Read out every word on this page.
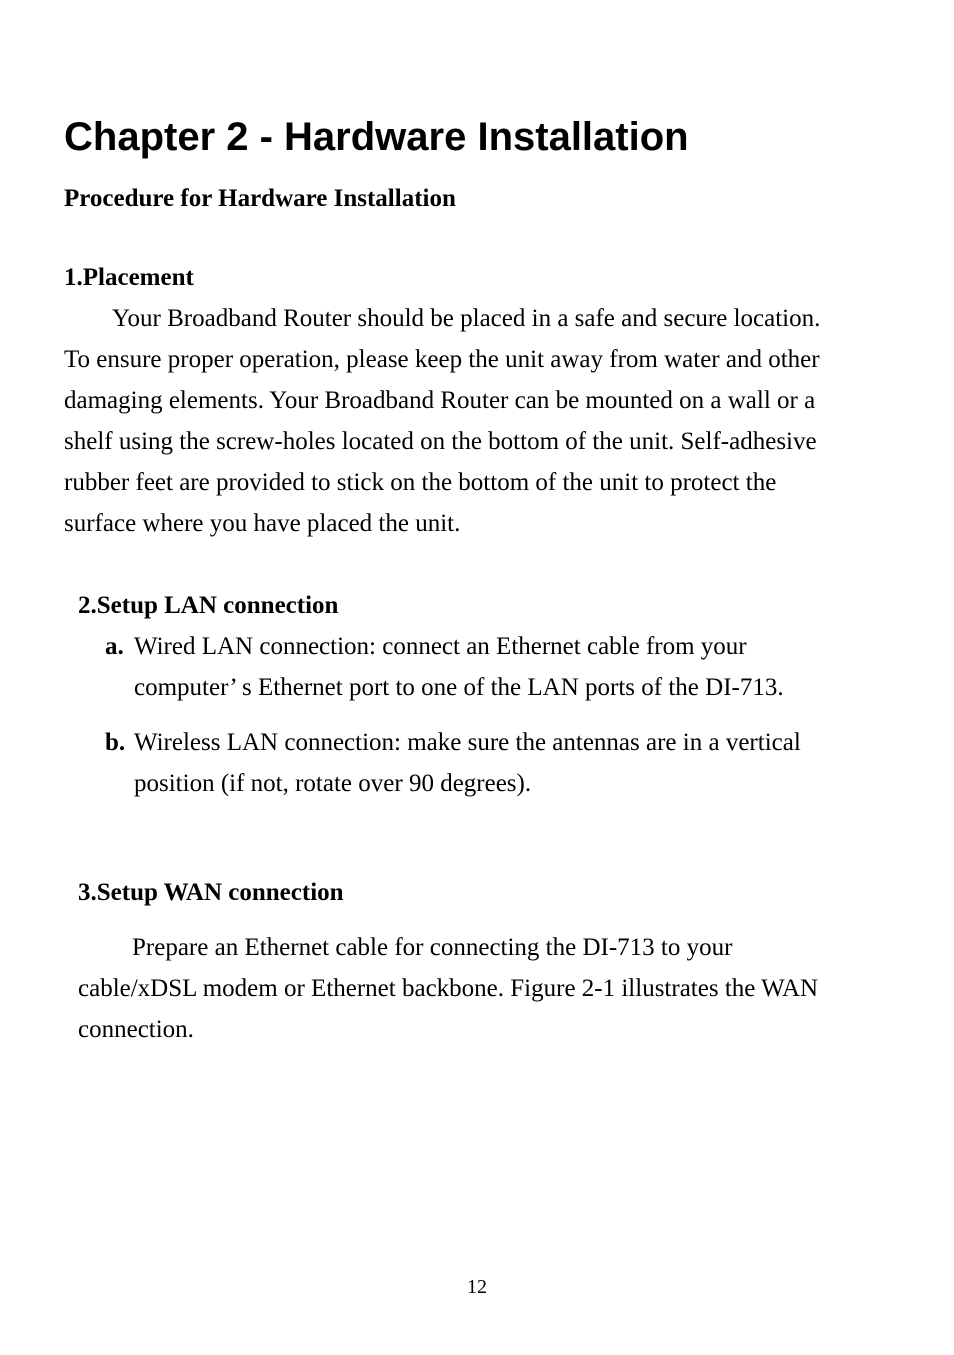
Chapter 2 - Hardware Installation
Procedure for Hardware Installation
1.Placement
Your Broadband Router should be placed in a safe and secure location.
To ensure proper operation, please keep the unit away from water and other
damaging elements. Your Broadband Router can be mounted on a wall or a
shelf using the screw-holes located on the bottom of the unit. Self-adhesive
rubber feet are provided to stick on the bottom of the unit to protect the
surface where you have placed the unit.
2.Setup LAN connection
a. Wired LAN connection: connect an Ethernet cable from your
computer’ s Ethernet port to one of the LAN ports of the DI-713.
b. Wireless LAN connection: make sure the antennas are in a vertical
position (if not, rotate over 90 degrees).
3.Setup WAN connection
Prepare an Ethernet cable for connecting the DI-713 to your
cable/xDSL modem or Ethernet backbone. Figure 2-1 illustrates the WAN
connection.
12
